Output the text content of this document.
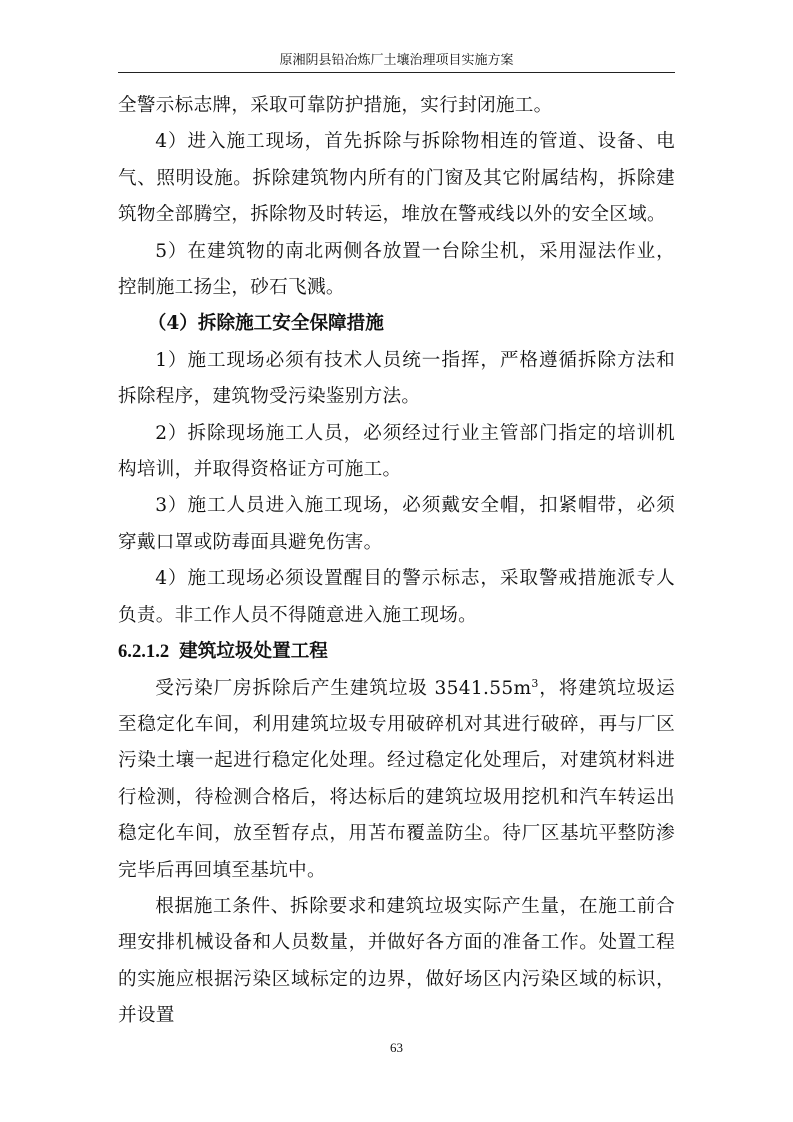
原湘阴县铅冶炼厂土壤治理项目实施方案

全警示标志牌，采取可靠防护措施，实行封闭施工。

4）进入施工现场，首先拆除与拆除物相连的管道、设备、电气、照明设施。拆除建筑物内所有的门窗及其它附属结构，拆除建筑物全部腾空，拆除物及时转运，堆放在警戒线以外的安全区域。

5）在建筑物的南北两侧各放置一台除尘机，采用湿法作业，控制施工扬尘，砂石飞溅。

（4）拆除施工安全保障措施

1）施工现场必须有技术人员统一指挥，严格遵循拆除方法和拆除程序，建筑物受污染鉴别方法。

2）拆除现场施工人员，必须经过行业主管部门指定的培训机构培训，并取得资格证方可施工。

3）施工人员进入施工现场，必须戴安全帽，扣紧帽带，必须穿戴口罩或防毒面具避免伤害。

4）施工现场必须设置醒目的警示标志，采取警戒措施派专人负责。非工作人员不得随意进入施工现场。

6.2.1.2 建筑垃圾处置工程

受污染厂房拆除后产生建筑垃圾 $3541.55m^3$，将建筑垃圾运至稳定化车间，利用建筑垃圾专用破碎机对其进行破碎，再与厂区污染土壤一起进行稳定化处理。经过稳定化处理后，对建筑材料进行检测，待检测合格后，将达标后的建筑垃圾用挖机和汽车转运出稳定化车间，放至暂存点，用苫布覆盖防尘。待厂区基坑平整防渗完毕后再回填至基坑中。

根据施工条件、拆除要求和建筑垃圾实际产生量，在施工前合理安排机械设备和人员数量，并做好各方面的准备工作。处置工程的实施应根据污染区域标定的边界，做好场区内污染区域的标识，并设置

63
